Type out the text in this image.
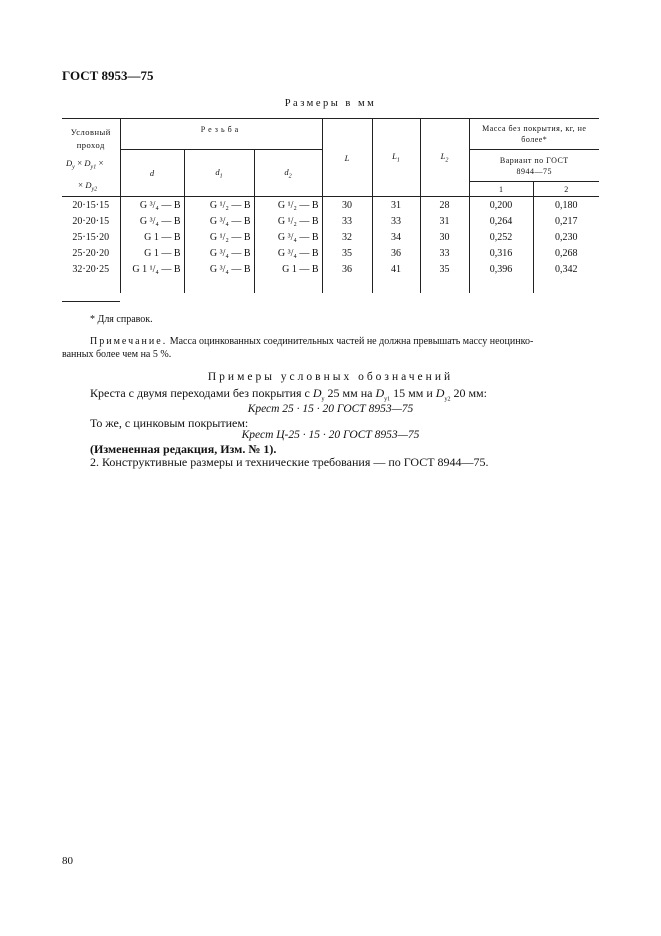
ГОСТ 8953—75
Размеры в мм
Условный
проход
$D_у \times D_{у1}$ ×
× $D_{у2}$	Резьба			L	$L_1$	$L_2$	Масса без покрытия, кг, не более*	
	d	$d_1$	$d_2$				Вариант по ГОСТ 8944—75	
							1	2
20·15·15	G ³/₄ — B	G ¹/₂ — B	G ¹/₂ — B	30	31	28	0,200	0,180
20·20·15	G ³/₄ — B	G ³/₄ — B	G ¹/₂ — B	33	33	31	0,264	0,217
25·15·20	G 1 — B	G ¹/₂ — B	G ³/₄ — B	32	34	30	0,252	0,230
25·20·20	G 1 — B	G ³/₄ — B	G ³/₄ — B	35	36	33	0,316	0,268
32·20·25	G 1 ¹/₄ — B	G ³/₄ — B	G 1 — B	36	41	35	0,396	0,342

* Для справок.
Примечание. Масса оцинкованных соединительных частей не должна превышать массу неоцинко-
ванных более чем на 5 %.
Примеры условных обозначений
Креста с двумя переходами без покрытия с $D_у$ 25 мм на $D_{у1}$ 15 мм и $D_{у2}$ 20 мм:
Крест 25 · 15 · 20 ГОСТ 8953—75
То же, с цинковым покрытием:
Крест Ц-25 · 15 · 20 ГОСТ 8953—75
(Измененная редакция, Изм. № 1).
2. Конструктивные размеры и технические требования — по ГОСТ 8944—75.
80
